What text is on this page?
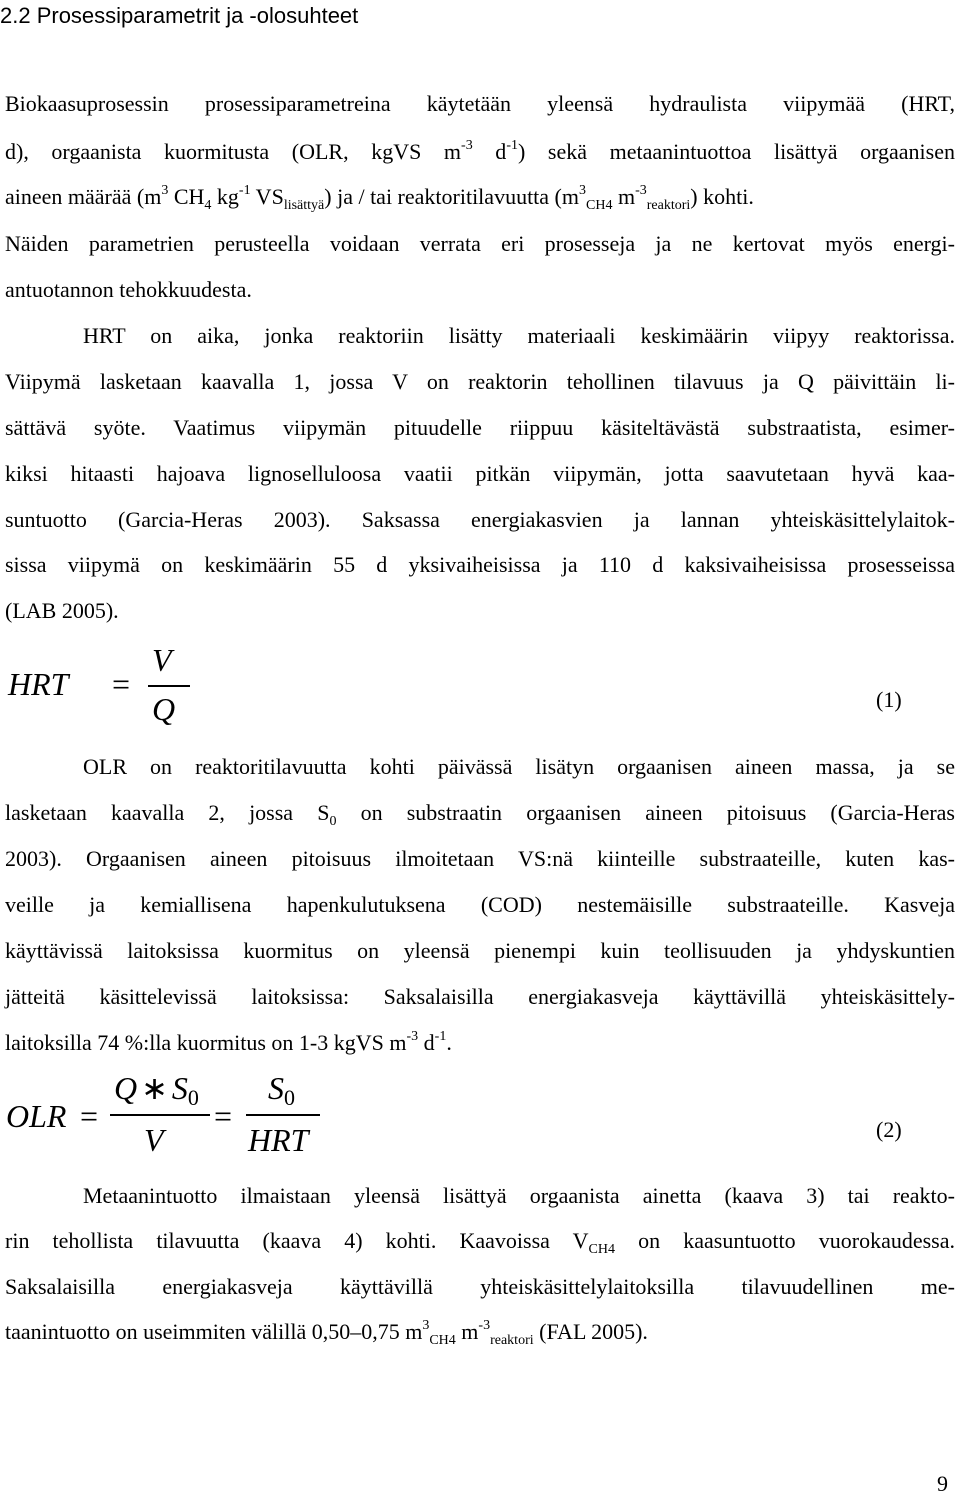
2.2 Prosessiparametrit ja -olosuhteet
Biokaasuprosessin prosessiparametreina käytetään yleensä hydraulista viipymää (HRT,
d), orgaanista kuormitusta (OLR, kgVS $m^{-3}$ $d^{-1}$) sekä metaanintuottoa lisättyä orgaanisen
aineen määrää ($m^3$ $CH_4$ $kg^{-1}$ $VS_{lisättyä}$) ja / tai reaktoritilavuutta ($m^3_{CH4}$ $m^{-3}_{reaktori}$) kohti.
Näiden parametrien perusteella voidaan verrata eri prosesseja ja ne kertovat myös energi-
antuotannon tehokkuudesta.
HRT on aika, jonka reaktoriin lisätty materiaali keskimäärin viipyy reaktorissa.
Viipymä lasketaan kaavalla 1, jossa V on reaktorin tehollinen tilavuus ja Q päivittäin li-
sättävä syöte. Vaatimus viipymän pituudelle riippuu käsiteltävästä substraatista, esimer-
kiksi hitaasti hajoava lignoselluloosa vaatii pitkän viipymän, jotta saavutetaan hyvä kaa-
suntuotto (Garcia-Heras 2003). Saksassa energiakasvien ja lannan yhteiskäsittelylaitok-
sissa viipymä on keskimäärin 55 d yksivaiheisissa ja 110 d kaksivaiheisissa prosesseissa
(LAB 2005).
HRT =
V
Q	(1)
OLR on reaktoritilavuutta kohti päivässä lisätyn orgaanisen aineen massa, ja se
lasketaan kaavalla 2, jossa $S_0$ on substraatin orgaanisen aineen pitoisuus (Garcia-Heras
2003). Orgaanisen aineen pitoisuus ilmoitetaan VS:nä kiinteille substraateille, kuten kas-
veille ja kemiallisena hapenkulutuksena (COD) nestemäisille substraateille. Kasveja
käyttävissä laitoksissa kuormitus on yleensä pienempi kuin teollisuuden ja yhdyskuntien
jätteitä käsittelevissä laitoksissa: Saksalaisilla energiakasveja käyttävillä yhteiskäsittely-
laitoksilla 74 %:lla kuormitus on 1-3 kgVS $m^{-3}$ $d^{-1}$.
OLR =
Q ∗ $S_0$
V
=
$S_0$
HRT	(2)
Metaanintuotto ilmaistaan yleensä lisättyä orgaanista ainetta (kaava 3) tai reakto-
rin tehollista tilavuutta (kaava 4) kohti. Kaavoissa $V_{CH4}$ on kaasuntuotto vuorokaudessa.
Saksalaisilla energiakasveja käyttävillä yhteiskäsittelylaitoksilla tilavuudellinen me-
taanintuotto on useimmiten välillä 0,50–0,75 $m^3_{CH4}$ $m^{-3}_{reaktori}$ (FAL 2005).
9
